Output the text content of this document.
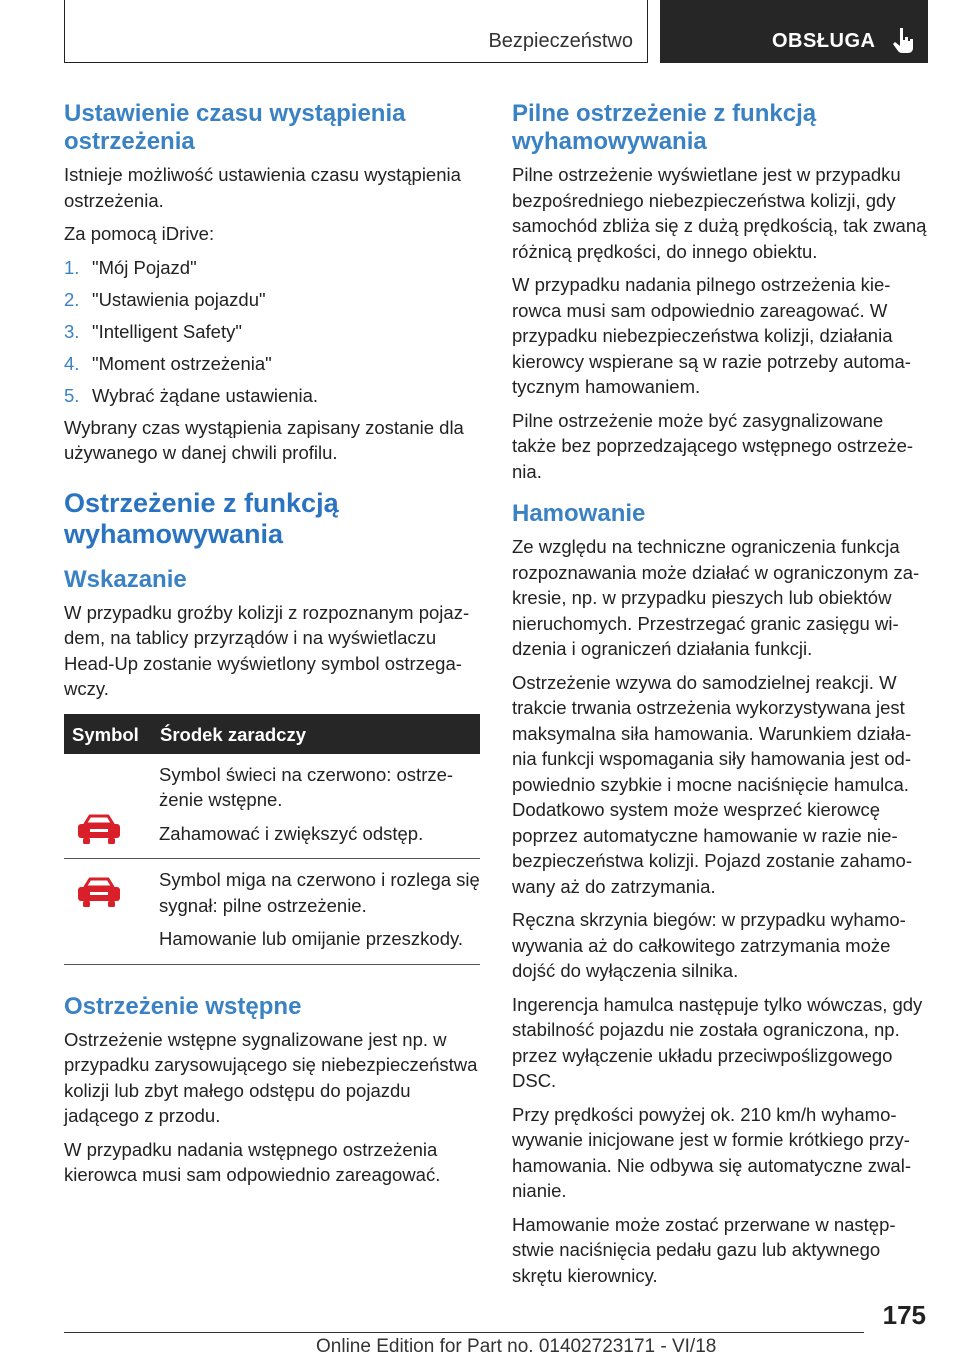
Bezpieczeństwo	OBSŁUGA
Ustawienie czasu wystąpienia ostrzeżenia

Istnieje możliwość ustawienia czasu wystąpienia ostrzeżenia.

Za pomocą iDrive:

1. "Mój Pojazd"
2. "Ustawienia pojazdu"
3. "Intelligent Safety"
4. "Moment ostrzeżenia"
5. Wybrać żądane ustawienia.

Wybrany czas wystąpienia zapisany zostanie dla używanego w danej chwili profilu.

Ostrzeżenie z funkcją wyhamowywania
Wskazanie

W przypadku groźby kolizji z rozpoznanym pojazdem, na tablicy przyrządów i na wyświetlaczu Head-Up zostanie wyświetlony symbol ostrzegawczy.

Symbol Środek zaradczy

Symbol świeci na czerwono: ostrzeżenie wstępne.

Zahamować i zwiększyć odstęp.

Symbol miga na czerwono i rozlega się sygnał: pilne ostrzeżenie.

Hamowanie lub omijanie przeszkody.

Ostrzeżenie wstępne

Ostrzeżenie wstępne sygnalizowane jest np. w przypadku zarysowującego się niebezpieczeństwa kolizji lub zbyt małego odstępu do pojazdu jadącego z przodu.

W przypadku nadania wstępnego ostrzeżenia kierowca musi sam odpowiednio zareagować.

Pilne ostrzeżenie z funkcją wyhamowywania

Pilne ostrzeżenie wyświetlane jest w przypadku bezpośredniego niebezpieczeństwa kolizji, gdy samochód zbliża się z dużą prędkością, tak zwaną różnicą prędkości, do innego obiektu.

W przypadku nadania pilnego ostrzeżenia kierowca musi sam odpowiednio zareagować. W przypadku niebezpieczeństwa kolizji, działania kierowcy wspierane są w razie potrzeby automatycznym hamowaniem.

Pilne ostrzeżenie może być zasygnalizowane także bez poprzedzającego wstępnego ostrzeżenia.

Hamowanie

Ze względu na techniczne ograniczenia funkcja rozpoznawania może działać w ograniczonym zakresie, np. w przypadku pieszych lub obiektów nieruchomych. Przestrzegać granic zasięgu widzenia i ograniczeń działania funkcji.

Ostrzeżenie wzywa do samodzielnej reakcji. W trakcie trwania ostrzeżenia wykorzystywana jest maksymalna siła hamowania. Warunkiem działania funkcji wspomagania siły hamowania jest odpowiednio szybkie i mocne naciśnięcie hamulca. Dodatkowo system może wesprzeć kierowcę poprzez automatyczne hamowanie w razie niebezpieczeństwa kolizji. Pojazd zostanie zahamowany aż do zatrzymania.

Ręczna skrzynia biegów: w przypadku wyhamowywania aż do całkowitego zatrzymania może dojść do wyłączenia silnika.

Ingerencja hamulca następuje tylko wówczas, gdy stabilność pojazdu nie została ograniczona, np. przez wyłączenie układu przeciwpoślizgowego DSC.

Przy prędkości powyżej ok. 210 km/h wyhamowywanie inicjowane jest w formie krótkiego przyhamowania. Nie odbywa się automatyczne zwalnianie.

Hamowanie może zostać przerwane w następstwie naciśnięcia pedału gazu lub aktywnego skrętu kierownicy.

175
Online Edition for Part no. 01402723171 - VI/18
